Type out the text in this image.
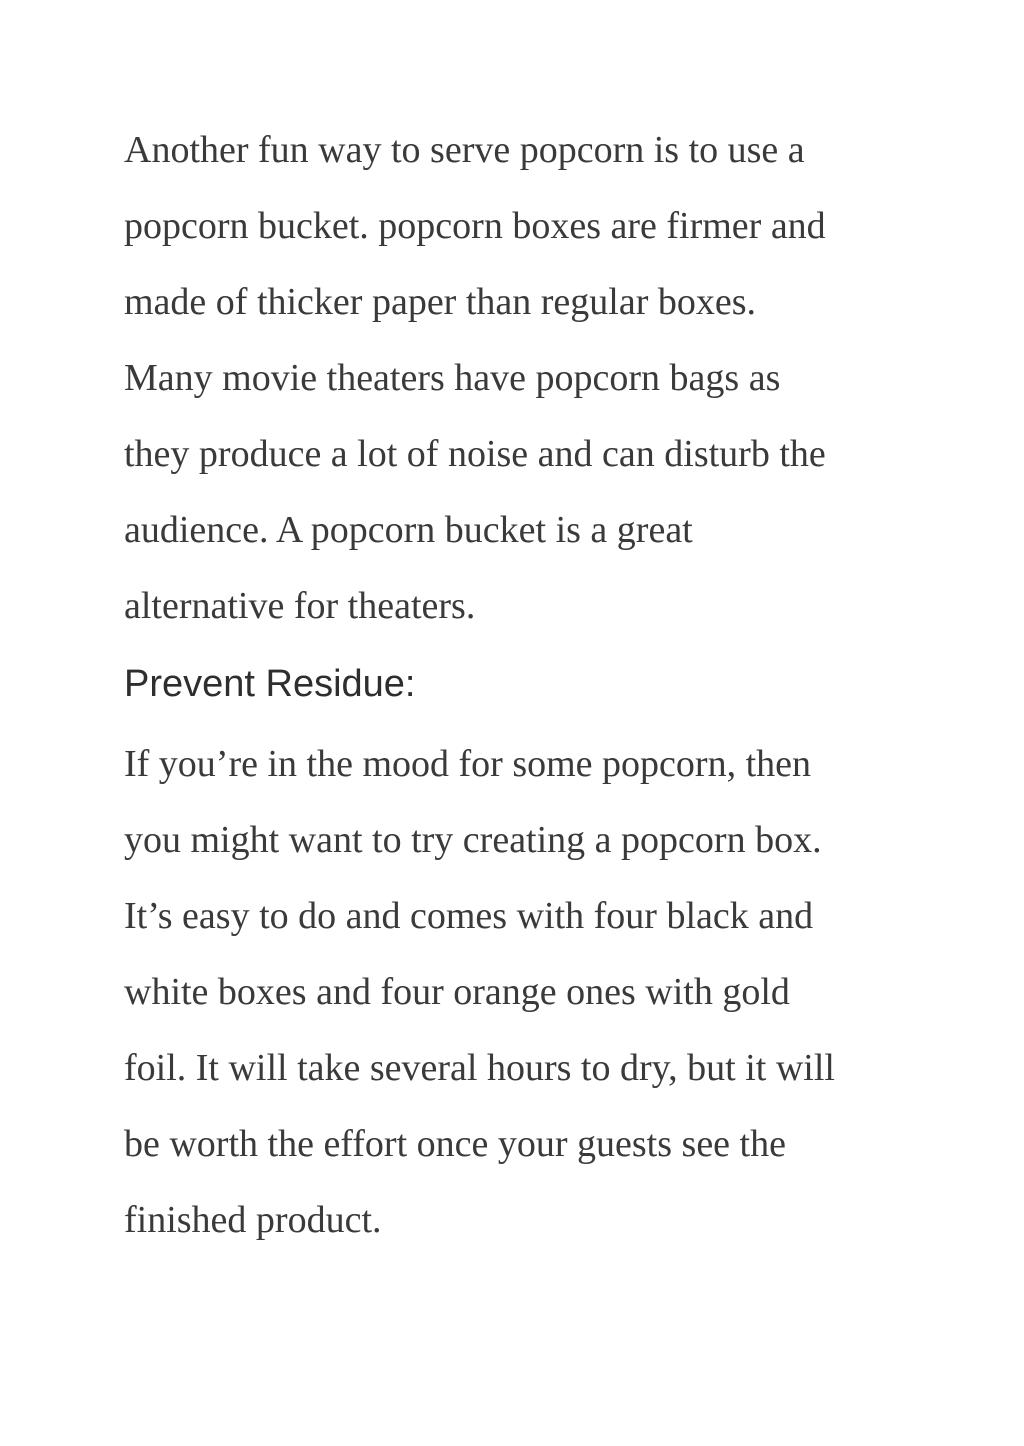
Another fun way to serve popcorn is to use a
popcorn bucket. popcorn boxes are firmer and
made of thicker paper than regular boxes.
Many movie theaters have popcorn bags as
they produce a lot of noise and can disturb the
audience. A popcorn bucket is a great
alternative for theaters.

Prevent Residue:

If you’re in the mood for some popcorn, then
you might want to try creating a popcorn box.
It’s easy to do and comes with four black and
white boxes and four orange ones with gold
foil. It will take several hours to dry, but it will
be worth the effort once your guests see the
finished product.
